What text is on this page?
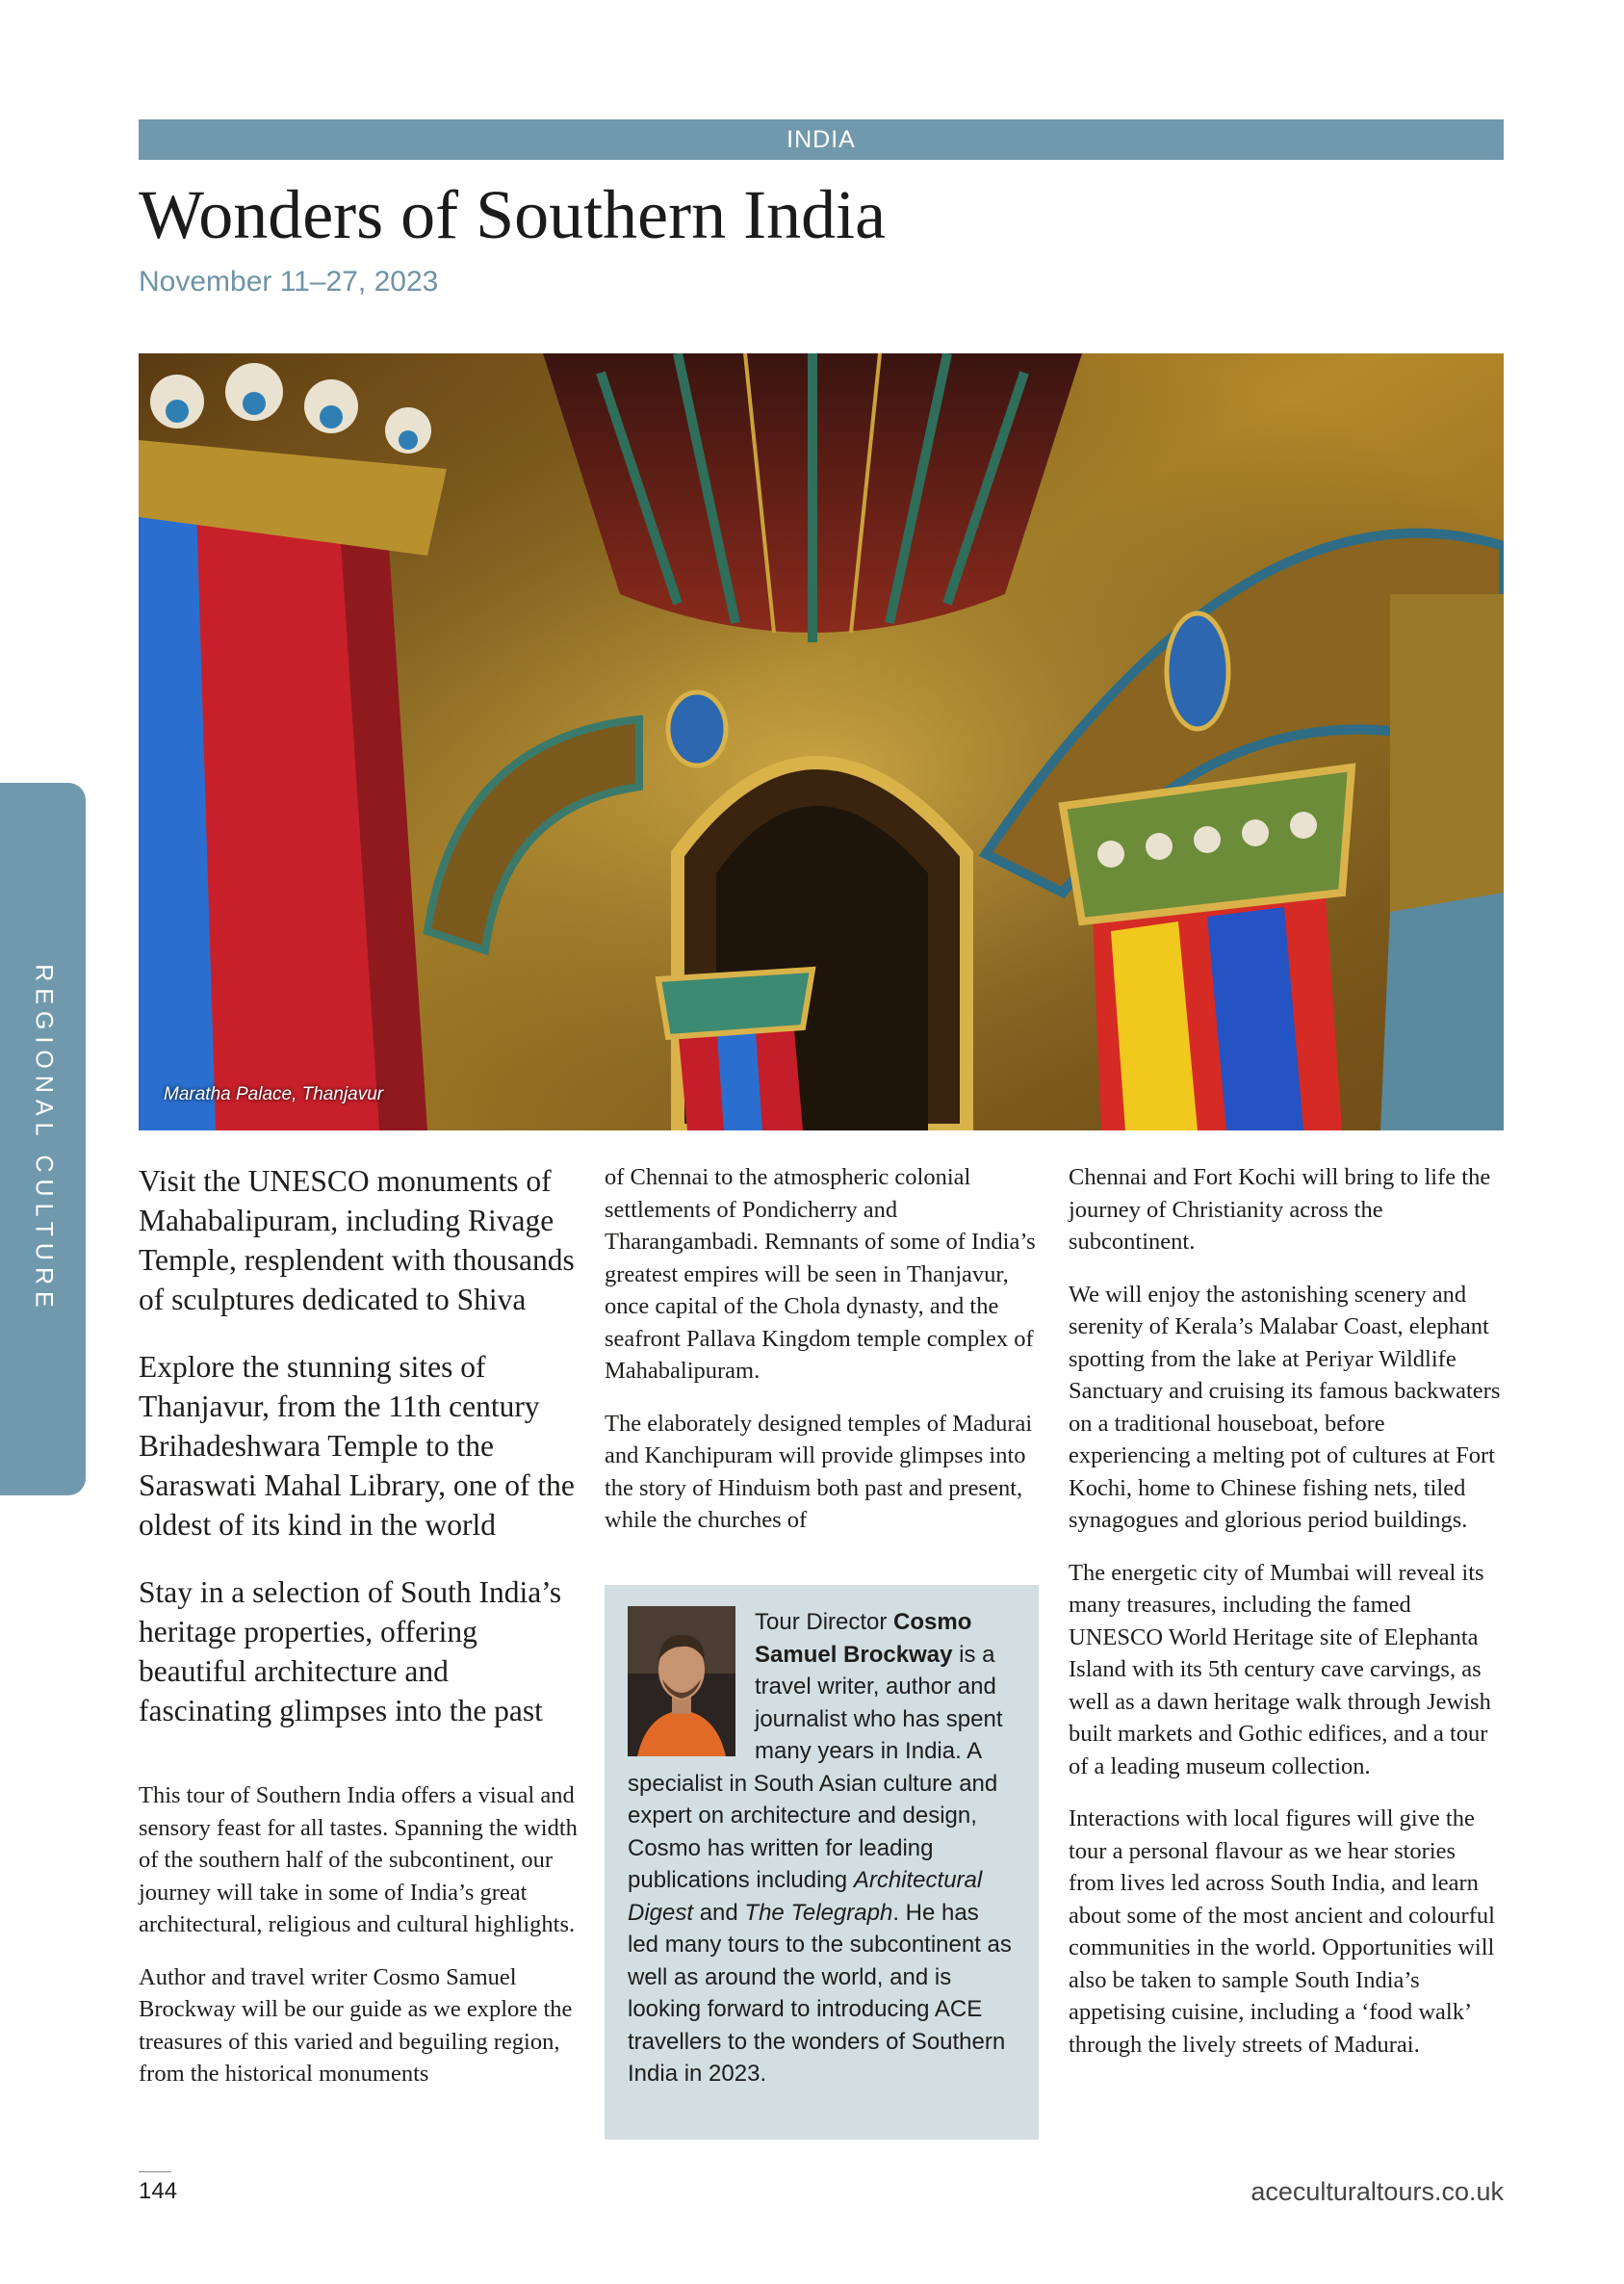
INDIA
Wonders of Southern India
November 11–27, 2023
Maratha Palace, Thanjavur
REGIONAL CULTURE	Visit the UNESCO monuments of Mahabalipuram, including Rivage Temple, resplendent with thousands of sculptures dedicated to Shiva

Explore the stunning sites of Thanjavur, from the 11th century Brihadeshwara Temple to the Saraswati Mahal Library, one of the oldest of its kind in the world

Stay in a selection of South India’s heritage properties, offering beautiful architecture and fascinating glimpses into the past

This tour of Southern India offers a visual and sensory feast for all tastes. Spanning the width of the southern half of the subcontinent, our journey will take in some of India’s great architectural, religious and cultural highlights.

Author and travel writer Cosmo Samuel Brockway will be our guide as we explore the treasures of this varied and beguiling region, from the historical monuments

of Chennai to the atmospheric colonial settlements of Pondicherry and Tharangambadi. Remnants of some of India’s greatest empires will be seen in Thanjavur, once capital of the Chola dynasty, and the seafront Pallava Kingdom temple complex of Mahabalipuram.

The elaborately designed temples of Madurai and Kanchipuram will provide glimpses into the story of Hinduism both past and present, while the churches of

Tour Director Cosmo Samuel Brockway is a travel writer, author and journalist who has spent many years in India. A specialist in South Asian culture and expert on architecture and design, Cosmo has written for leading publications including Architectural Digest and The Telegraph. He has led many tours to the subcontinent as well as around the world, and is looking forward to introducing ACE travellers to the wonders of Southern India in 2023.

Chennai and Fort Kochi will bring to life the journey of Christianity across the subcontinent.

We will enjoy the astonishing scenery and serenity of Kerala’s Malabar Coast, elephant spotting from the lake at Periyar Wildlife Sanctuary and cruising its famous backwaters on a traditional houseboat, before experiencing a melting pot of cultures at Fort Kochi, home to Chinese fishing nets, tiled synagogues and glorious period buildings.

The energetic city of Mumbai will reveal its many treasures, including the famed UNESCO World Heritage site of Elephanta Island with its 5th century cave carvings, as well as a dawn heritage walk through Jewish built markets and Gothic edifices, and a tour of a leading museum collection.

Interactions with local figures will give the tour a personal flavour as we hear stories from lives led across South India, and learn about some of the most ancient and colourful communities in the world. Opportunities will also be taken to sample South India’s appetising cuisine, including a ‘food walk’ through the lively streets of Madurai.

144	aceculturaltours.co.uk
